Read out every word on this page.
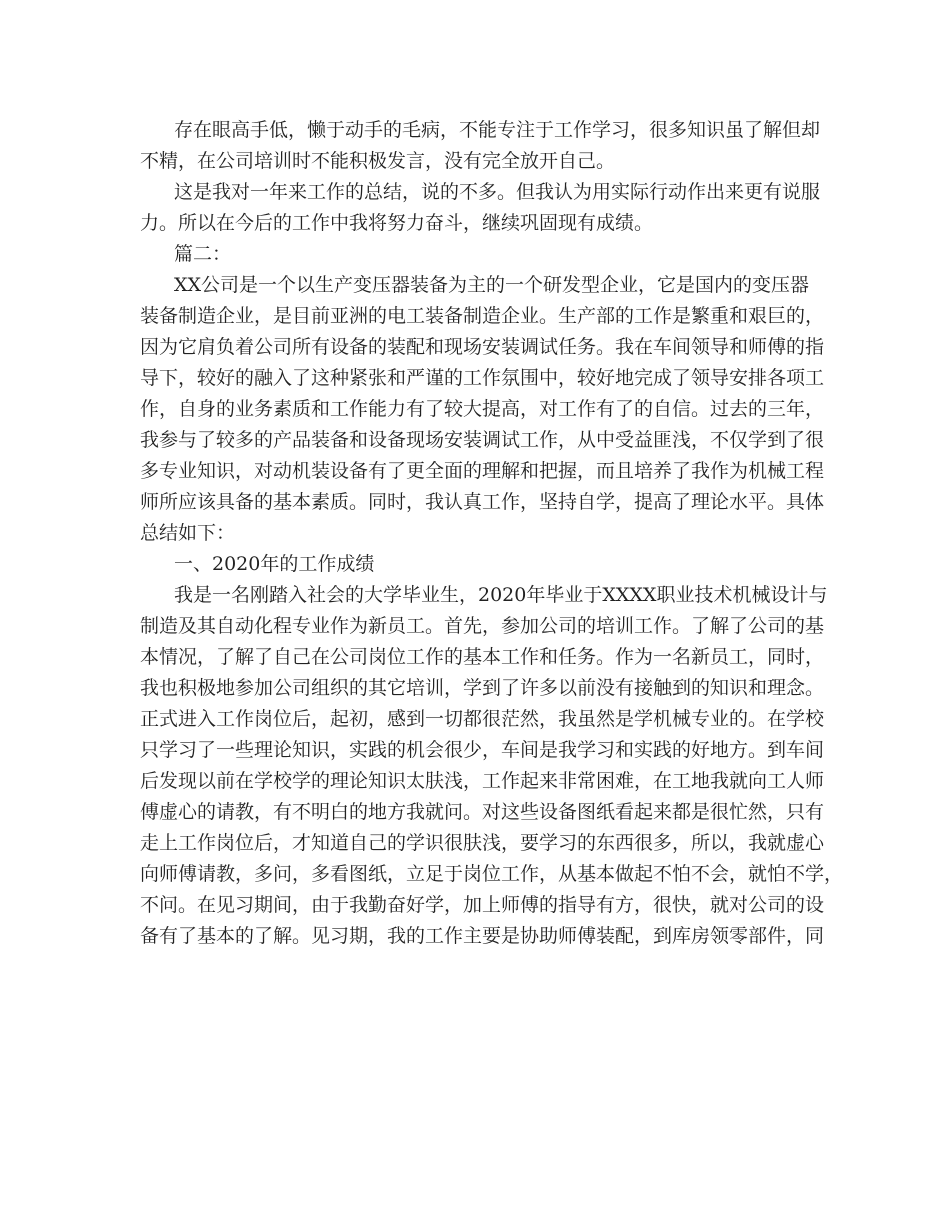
存在眼高手低，懒于动手的毛病，不能专注于工作学习，很多知识虽了解但却

不精，在公司培训时不能积极发言，没有完全放开自己。

这是我对一年来工作的总结，说的不多。但我认为用实际行动作出来更有说服

力。所以在今后的工作中我将努力奋斗，继续巩固现有成绩。

篇二：

XX公司是一个以生产变压器装备为主的一个研发型企业，它是国内的变压器

装备制造企业，是目前亚洲的电工装备制造企业。生产部的工作是繁重和艰巨的，

因为它肩负着公司所有设备的装配和现场安装调试任务。我在车间领导和师傅的指

导下，较好的融入了这种紧张和严谨的工作氛围中，较好地完成了领导安排各项工

作，自身的业务素质和工作能力有了较大提高，对工作有了的自信。过去的三年，

我参与了较多的产品装备和设备现场安装调试工作，从中受益匪浅，不仅学到了很

多专业知识，对动机装设备有了更全面的理解和把握，而且培养了我作为机械工程

师所应该具备的基本素质。同时，我认真工作，坚持自学，提高了理论水平。具体

总结如下：

一、2020年的工作成绩

我是一名刚踏入社会的大学毕业生，2020年毕业于XXXX职业技术机械设计与

制造及其自动化程专业作为新员工。首先，参加公司的培训工作。了解了公司的基

本情况，了解了自己在公司岗位工作的基本工作和任务。作为一名新员工，同时，

我也积极地参加公司组织的其它培训，学到了许多以前没有接触到的知识和理念。

正式进入工作岗位后，起初，感到一切都很茫然，我虽然是学机械专业的。在学校

只学习了一些理论知识，实践的机会很少，车间是我学习和实践的好地方。到车间

后发现以前在学校学的理论知识太肤浅，工作起来非常困难，在工地我就向工人师

傅虚心的请教，有不明白的地方我就问。对这些设备图纸看起来都是很忙然，只有

走上工作岗位后，才知道自己的学识很肤浅，要学习的东西很多，所以，我就虚心

向师傅请教，多问，多看图纸，立足于岗位工作，从基本做起不怕不会，就怕不学，

不问。在见习期间，由于我勤奋好学，加上师傅的指导有方，很快，就对公司的设

备有了基本的了解。见习期，我的工作主要是协助师傅装配，到库房领零部件，同
